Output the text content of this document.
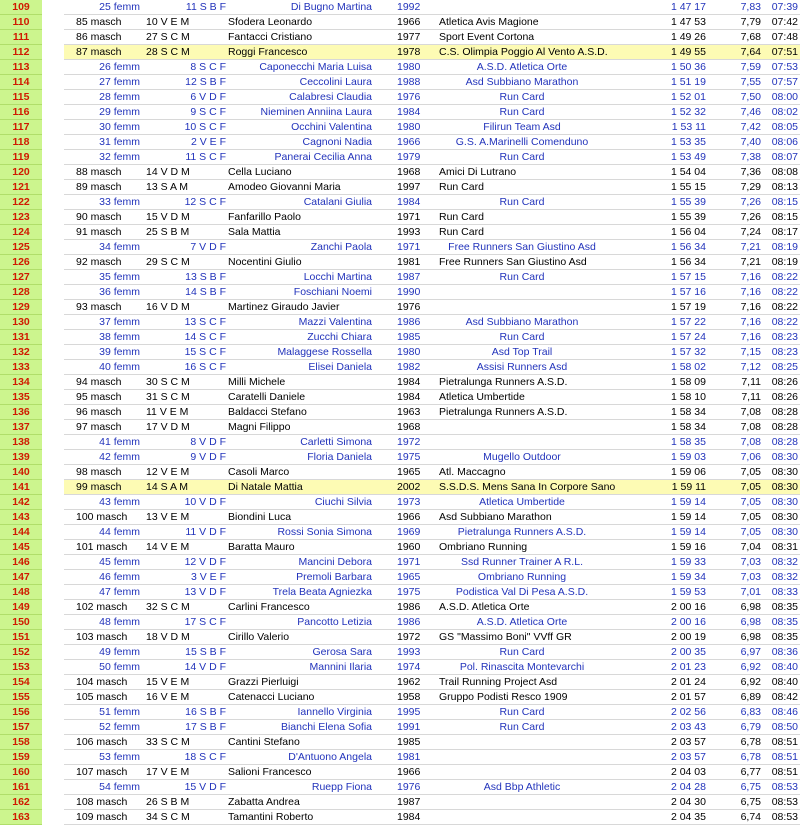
109	25 femm	11 S B F	Di Bugno Martina 1992	1 47 17	7,83	07:39
110	85 masch	10 V E M	Sfodera Leonardo	1966	Atletica Avis Magione	1 47 53	7,79	07:42
111	86 masch	27 S C M	Fantacci Cristiano	1977	Sport Event Cortona	1 49 26	7,68	07:48
112	87 masch	28 S C M	Roggi Francesco	1978	C.S. Olimpia Poggio Al Vento A.S.D.	1 49 55	7,64	07:51
113	26 femm	8 S C F	Caponecchi Maria Luisa 1980	A.S.D. Atletica Orte	1 50 36	7,59	07:53
114	27 femm	12 S B F	Ceccolini Laura 1988	Asd Subbiano Marathon	1 51 19	7,55	07:57
115	28 femm	6 V D F	Calabresi Claudia 1976	Run Card	1 52 01	7,50	08:00
116	29 femm	9 S C F	Nieminen Anniina Laura 1984	Run Card	1 52 32	7,46	08:02
117	30 femm	10 S C F	Occhini Valentina 1980	Filirun Team Asd	1 53 11	7,42	08:05
118	31 femm	2 V E F	Cagnoni Nadia 1966	G.S. A.Marinelli Comenduno	1 53 35	7,40	08:06
119	32 femm	11 S C F	Panerai Cecilia Anna 1979	Run Card	1 53 49	7,38	08:07
120	88 masch	14 V D M	Cella Luciano	1968	Amici Di Lutrano	1 54 04	7,36	08:08
121	89 masch	13 S A M	Amodeo Giovanni Maria	1997	Run Card	1 55 15	7,29	08:13
122	33 femm	12 S C F	Catalani Giulia 1984	Run Card	1 55 39	7,26	08:15
123	90 masch	15 V D M	Fanfarillo Paolo	1971	Run Card	1 55 39	7,26	08:15
124	91 masch	25 S B M	Sala Mattia	1993	Run Card	1 56 04	7,24	08:17
125	34 femm	7 V D F	Zanchi Paola 1971	Free Runners San Giustino Asd	1 56 34	7,21	08:19
126	92 masch	29 S C M	Nocentini Giulio	1981	Free Runners San Giustino Asd	1 56 34	7,21	08:19
127	35 femm	13 S B F	Locchi Martina 1987	Run Card	1 57 15	7,16	08:22
128	36 femm	14 S B F	Foschiani Noemi 1990	1 57 16	7,16	08:22
129	93 masch	16 V D M	Martinez Giraudo Javier	1976	1 57 19	7,16	08:22
130	37 femm	13 S C F	Mazzi Valentina 1986	Asd Subbiano Marathon	1 57 22	7,16	08:22
131	38 femm	14 S C F	Zucchi Chiara 1985	Run Card	1 57 24	7,16	08:23
132	39 femm	15 S C F	Malaggese Rossella 1980	Asd Top Trail	1 57 32	7,15	08:23
133	40 femm	16 S C F	Elisei Daniela 1982	Assisi Runners Asd	1 58 02	7,12	08:25
134	94 masch	30 S C M	Milli Michele	1984	Pietralunga Runners A.S.D.	1 58 09	7,11	08:26
135	95 masch	31 S C M	Caratelli Daniele	1984	Atletica Umbertide	1 58 10	7,11	08:26
136	96 masch	11 V E M	Baldacci Stefano	1963	Pietralunga Runners A.S.D.	1 58 34	7,08	08:28
137	97 masch	17 V D M	Magni Filippo	1968	1 58 34	7,08	08:28
138	41 femm	8 V D F	Carletti Simona 1972	1 58 35	7,08	08:28
139	42 femm	9 V D F	Floria Daniela 1975	Mugello Outdoor	1 59 03	7,06	08:30
140	98 masch	12 V E M	Casoli Marco	1965	Atl. Maccagno	1 59 06	7,05	08:30
141	99 masch	14 S A M	Di Natale Mattia	2002	S.S.D.S. Mens Sana In Corpore Sano	1 59 11	7,05	08:30
142	43 femm	10 V D F	Ciuchi Silvia 1973	Atletica Umbertide	1 59 14	7,05	08:30
143	100 masch	13 V E M	Biondini Luca	1966	Asd Subbiano Marathon	1 59 14	7,05	08:30
144	44 femm	11 V D F	Rossi Sonia Simona 1969	Pietralunga Runners A.S.D.	1 59 14	7,05	08:30
145	101 masch	14 V E M	Baratta Mauro	1960	Ombriano Running	1 59 16	7,04	08:31
146	45 femm	12 V D F	Mancini Debora 1971	Ssd Runner Trainer A R.L.	1 59 33	7,03	08:32
147	46 femm	3 V E F	Premoli Barbara 1965	Ombriano Running	1 59 34	7,03	08:32
148	47 femm	13 V D F	Trela Beata Agniezka 1975	Podistica Val Di Pesa A.S.D.	1 59 53	7,01	08:33
149	102 masch	32 S C M	Carlini Francesco	1986	A.S.D. Atletica Orte	2 00 16	6,98	08:35
150	48 femm	17 S C F	Pancotto Letizia 1986	A.S.D. Atletica Orte	2 00 16	6,98	08:35
151	103 masch	18 V D M	Cirillo Valerio	1972	GS "Massimo Boni" VVff GR	2 00 19	6,98	08:35
152	49 femm	15 S B F	Gerosa Sara 1993	Run Card	2 00 35	6,97	08:36
153	50 femm	14 V D F	Mannini Ilaria 1974	Pol. Rinascita Montevarchi	2 01 23	6,92	08:40
154	104 masch	15 V E M	Grazzi Pierluigi	1962	Trail Running Project Asd	2 01 24	6,92	08:40
155	105 masch	16 V E M	Catenacci Luciano	1958	Gruppo Podisti Resco 1909	2 01 57	6,89	08:42
156	51 femm	16 S B F	Iannello Virginia 1995	Run Card	2 02 56	6,83	08:46
157	52 femm	17 S B F	Bianchi Elena Sofia 1991	Run Card	2 03 43	6,79	08:50
158	106 masch	33 S C M	Cantini Stefano	1985	2 03 57	6,78	08:51
159	53 femm	18 S C F	D'Antuono Angela 1981	2 03 57	6,78	08:51
160	107 masch	17 V E M	Salioni Francesco	1966	2 04 03	6,77	08:51
161	54 femm	15 V D F	Ruepp Fiona 1976	Asd Bbp Athletic	2 04 28	6,75	08:53
162	108 masch	26 S B M	Zabatta Andrea	1987	2 04 30	6,75	08:53
163	109 masch	34 S C M	Tamantini Roberto	1984	2 04 35	6,74	08:53
